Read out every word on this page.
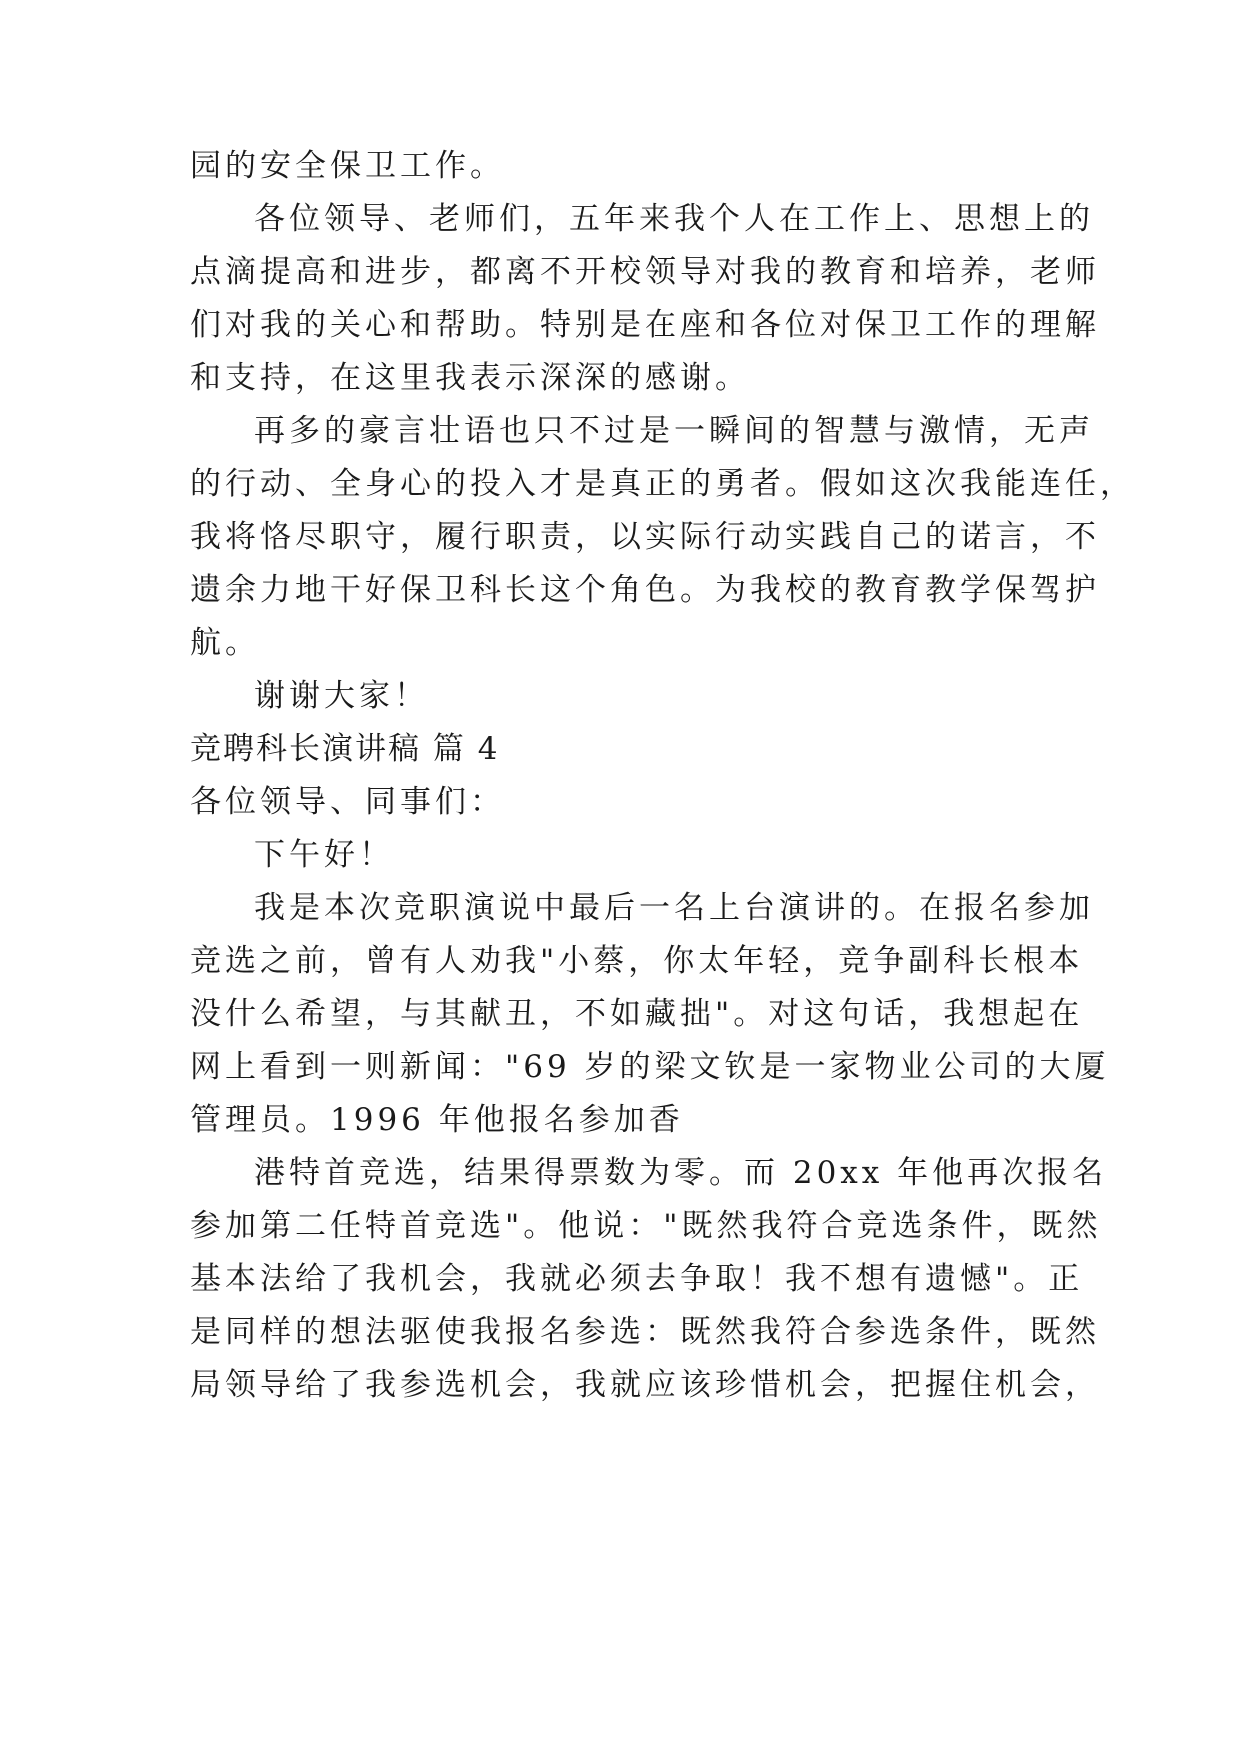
园的安全保卫工作。
各位领导、老师们，五年来我个人在工作上、思想上的
点滴提高和进步，都离不开校领导对我的教育和培养，老师
们对我的关心和帮助。特别是在座和各位对保卫工作的理解
和支持，在这里我表示深深的感谢。
再多的豪言壮语也只不过是一瞬间的智慧与激情，无声
的行动、全身心的投入才是真正的勇者。假如这次我能连任，
我将恪尽职守，履行职责，以实际行动实践自己的诺言，不
遗余力地干好保卫科长这个角色。为我校的教育教学保驾护
航。
谢谢大家！
竞聘科长演讲稿 篇 4
各位领导、同事们：
下午好！
我是本次竞职演说中最后一名上台演讲的。在报名参加
竞选之前，曾有人劝我"小蔡，你太年轻，竞争副科长根本
没什么希望，与其献丑，不如藏拙"。对这句话，我想起在
网上看到一则新闻："69 岁的梁文钦是一家物业公司的大厦
管理员。1996 年他报名参加香
港特首竞选，结果得票数为零。而 20xx 年他再次报名
参加第二任特首竞选"。他说："既然我符合竞选条件，既然
基本法给了我机会，我就必须去争取！我不想有遗憾"。正
是同样的想法驱使我报名参选：既然我符合参选条件，既然
局领导给了我参选机会，我就应该珍惜机会，把握住机会，
